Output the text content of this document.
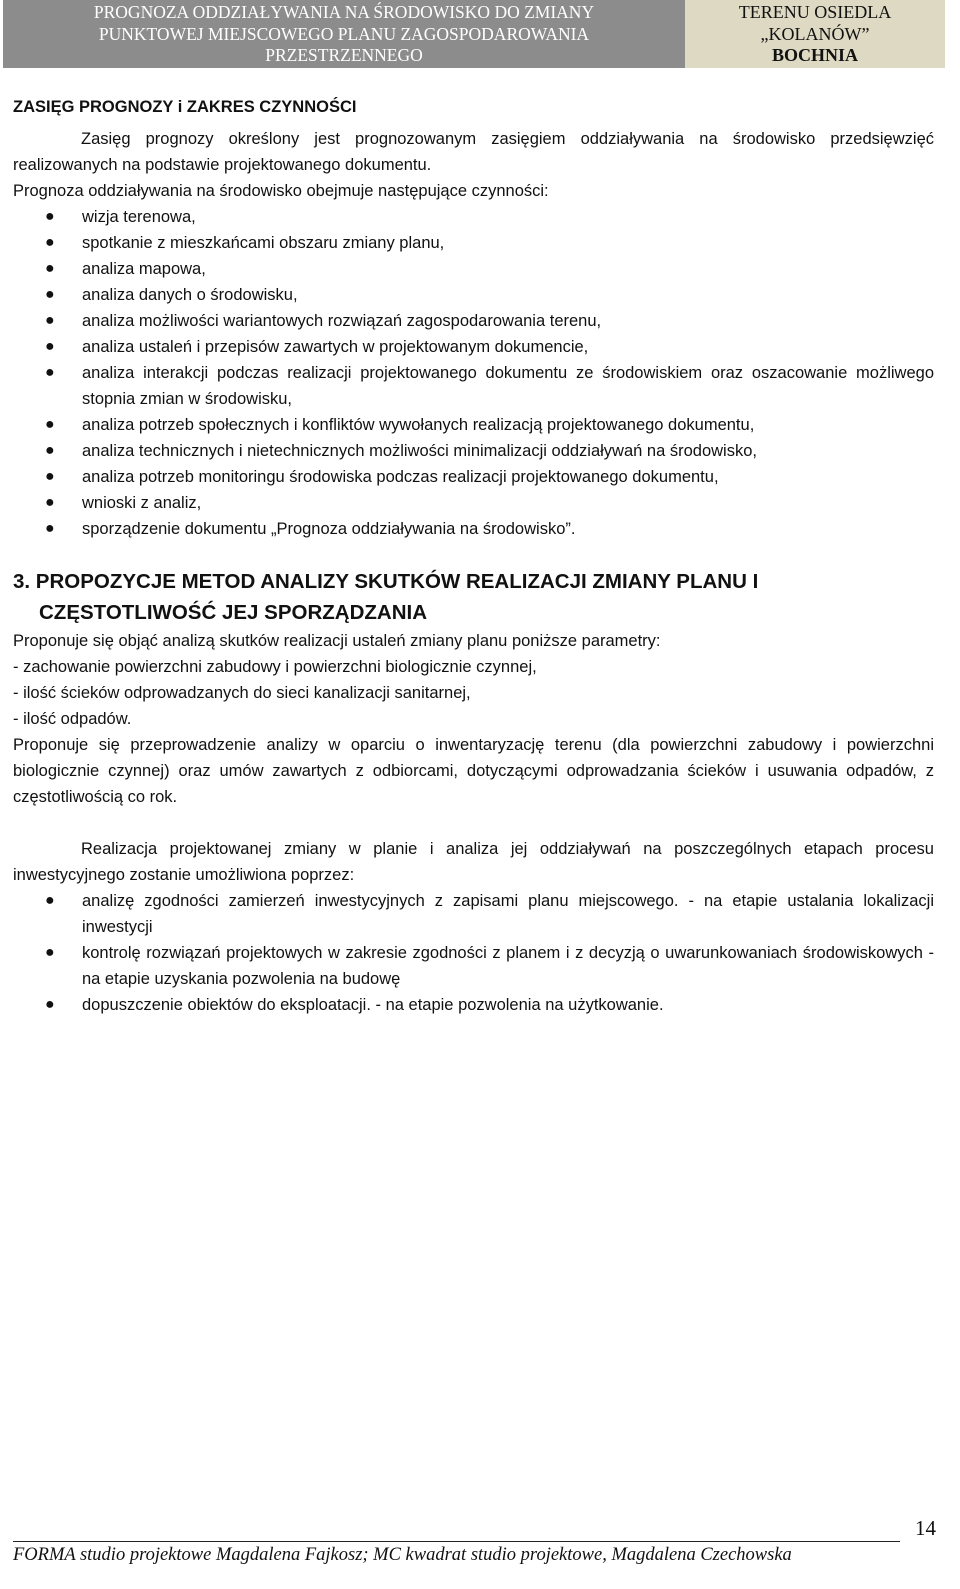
PROGNOZA ODDZIAŁYWANIA NA ŚRODOWISKO DO ZMIANY
PUNKTOWEJ MIEJSCOWEGO PLANU ZAGOSPODAROWANIA
PRZESTRZENNEGO
TERENU OSIEDLA
„KOLANÓW”
BOCHNIA

ZASIĘG PROGNOZY i ZAKRES CZYNNOŚCI

Zasięg prognozy określony jest prognozowanym zasięgiem oddziaływania na środowisko przedsięwzięć realizowanych na podstawie projektowanego dokumentu.

Prognoza oddziaływania na środowisko obejmuje następujące czynności:

● wizja terenowa,
● spotkanie z mieszkańcami obszaru zmiany planu,
● analiza mapowa,
● analiza danych o środowisku,
● analiza możliwości wariantowych rozwiązań zagospodarowania terenu,
● analiza ustaleń i przepisów zawartych w projektowanym dokumencie,
● analiza interakcji podczas realizacji projektowanego dokumentu ze środowiskiem oraz oszacowanie możliwego stopnia zmian w środowisku,
● analiza potrzeb społecznych i konfliktów wywołanych realizacją projektowanego dokumentu,
● analiza technicznych i nietechnicznych możliwości minimalizacji oddziaływań na środowisko,
● analiza potrzeb monitoringu środowiska podczas realizacji projektowanego dokumentu,
● wnioski z analiz,
● sporządzenie dokumentu „Prognoza oddziaływania na środowisko”.
3. PROPOZYCJE METOD ANALIZY SKUTKÓW REALIZACJI ZMIANY PLANU I CZĘSTOTLIWOŚĆ JEJ SPORZĄDZANIA

Proponuje się objąć analizą skutków realizacji ustaleń zmiany planu poniższe parametry:

- zachowanie powierzchni zabudowy i powierzchni biologicznie czynnej,

- ilość ścieków odprowadzanych do sieci kanalizacji sanitarnej,

- ilość odpadów.

Proponuje się przeprowadzenie analizy w oparciu o inwentaryzację terenu (dla powierzchni zabudowy i powierzchni biologicznie czynnej) oraz umów zawartych z odbiorcami, dotyczącymi odprowadzania ścieków i usuwania odpadów, z częstotliwością co rok.

Realizacja projektowanej zmiany w planie i analiza jej oddziaływań na poszczególnych etapach procesu inwestycyjnego zostanie umożliwiona poprzez:

● analizę zgodności zamierzeń inwestycyjnych z zapisami planu miejscowego. - na etapie ustalania lokalizacji inwestycji
● kontrolę rozwiązań projektowych w zakresie zgodności z planem i z decyzją o uwarunkowaniach środowiskowych - na etapie uzyskania pozwolenia na budowę
● dopuszczenie obiektów do eksploatacji. - na etapie pozwolenia na użytkowanie.
14
FORMA studio projektowe Magdalena Fajkosz; MC kwadrat studio projektowe, Magdalena Czechowska
